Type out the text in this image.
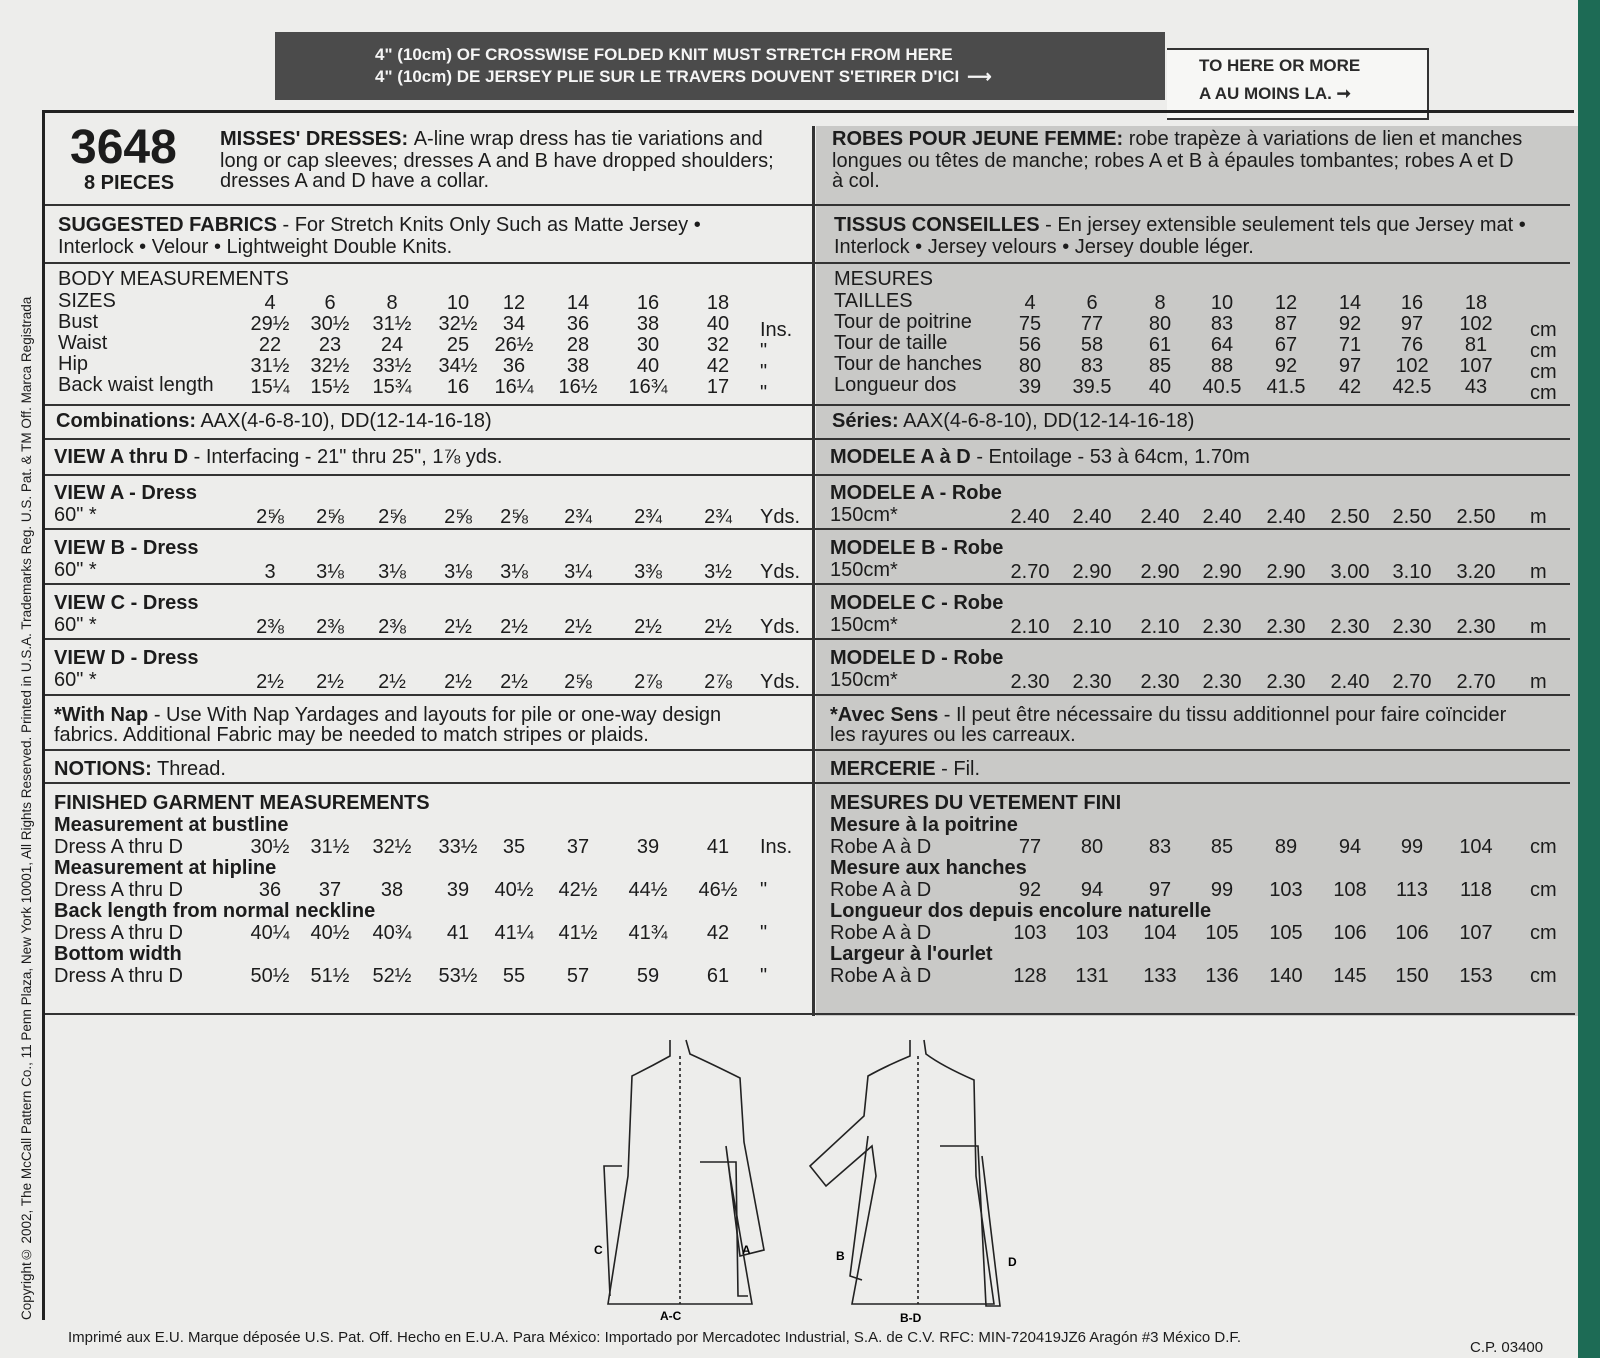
Copyright© 2002, The McCall Pattern Co., 11 Penn Plaza, New York 10001, All Rights Reserved. Printed in U.S.A. Trademarks Reg. U.S. Pat. & TM Off. Marca Registrada
4" (10cm) OF CROSSWISE FOLDED KNIT MUST STRETCH FROM HERE
4" (10cm) DE JERSEY PLIE SUR LE TRAVERS DOUVENT S'ETIRER D'ICI ⟶
TO HERE OR MORE
A AU MOINS LA. ➞
3648
8 PIECES
MISSES' DRESSES: A-line wrap dress has tie variations and
long or cap sleeves; dresses A and B have dropped shoulders;
dresses A and D have a collar.
SUGGESTED FABRICS - For Stretch Knits Only Such as Matte Jersey •
Interlock • Velour • Lightweight Double Knits.
BODY MEASUREMENTS
SIZES	4 6	8 10 12 14 16 18
Bust	29½ 30½ 31½ 32½ 34 36 38 40 Ins.
Waist	22 23 24 25 26½ 28 30 32 "
Hip	31½ 32½ 33½ 34½ 36 38 40 42 "
Back waist length 15¼ 15½ 15¾ 16 16¼ 16½ 16¾ 17 "
Combinations: AAX(4-6-8-10), DD(12-14-16-18)
VIEW A thru D - Interfacing - 21" thru 25", 1⅞ yds.
VIEW A - Dress
60" *	2⅝ 2⅝ 2⅝ 2⅝ 2⅝ 2¾ 2¾ 2¾ Yds.
VIEW B - Dress
60" *	3 3⅛ 3⅛ 3⅛ 3⅛ 3¼ 3⅜ 3½ Yds.
VIEW C - Dress
60" *	2⅜ 2⅜ 2⅜ 2½ 2½ 2½ 2½ 2½ Yds.
VIEW D - Dress
60" *	2½ 2½ 2½ 2½ 2½ 2⅝ 2⅞ 2⅞ Yds.
*With Nap - Use With Nap Yardages and layouts for pile or one-way design
fabrics. Additional Fabric may be needed to match stripes or plaids.
NOTIONS: Thread.
FINISHED GARMENT MEASUREMENTS
Measurement at bustline
Dress A thru D	30½ 31½ 32½ 33½ 35 37 39 41 Ins.
Measurement at hipline
Dress A thru D	36 37 38 39 40½ 42½ 44½ 46½ "
Back length from normal neckline
Dress A thru D	40¼ 40½ 40¾ 41 41¼ 41½ 41¾ 42 "
Bottom width
Dress A thru D	50½ 51½ 52½ 53½ 55 57 59 61 "
ROBES POUR JEUNE FEMME: robe trapèze à variations de lien et manches
longues ou têtes de manche; robes A et B à épaules tombantes; robes A et D
à col.
TISSUS CONSEILLES - En jersey extensible seulement tels que Jersey mat •
Interlock • Jersey velours • Jersey double léger.
MESURES
TAILLES	4	6	8 10 12 14 16 18
Tour de poitrine 75 77 80 83 87 92 97 102 cm
Tour de taille	56 58 61 64 67 71 76 81 cm
Tour de hanches 80 83 85 88 92 97 102 107 cm
Longueur dos	39 39.5 40 40.5 41.5 42 42.5 43 cm
Séries: AAX(4-6-8-10), DD(12-14-16-18)
MODELE A à D - Entoilage - 53 à 64cm, 1.70m
MODELE A - Robe
150cm*	2.40 2.40 2.40 2.40 2.40 2.50 2.50 2.50 m
MODELE B - Robe
150cm*	2.70 2.90 2.90 2.90 2.90 3.00 3.10 3.20 m
MODELE C - Robe
150cm*	2.10 2.10 2.10 2.30 2.30 2.30 2.30 2.30 m
MODELE D - Robe
150cm*	2.30 2.30 2.30 2.30 2.30 2.40 2.70 2.70 m
*Avec Sens - Il peut être nécessaire du tissu additionnel pour faire coïncider
les rayures ou les carreaux.
MERCERIE - Fil.
MESURES DU VETEMENT FINI
Mesure à la poitrine
Robe A à D	77 80 83 85 89 94 99 104 cm
Mesure aux hanches
Robe A à D	92 94 97 99 103 108 113 118 cm
Longueur dos depuis encolure naturelle
Robe A à D	103 103 104 105 105 106 106 107 cm
Largeur à l'ourlet
Robe A à D	128 131 133 136 140 145 150 153 cm
C	A
A-C
B	D
B-D
Imprimé aux E.U. Marque déposée U.S. Pat. Off. Hecho en E.U.A. Para México: Importado por Mercadotec Industrial, S.A. de C.V. RFC: MIN-720419JZ6 Aragón #3 México D.F.
C.P. 03400
